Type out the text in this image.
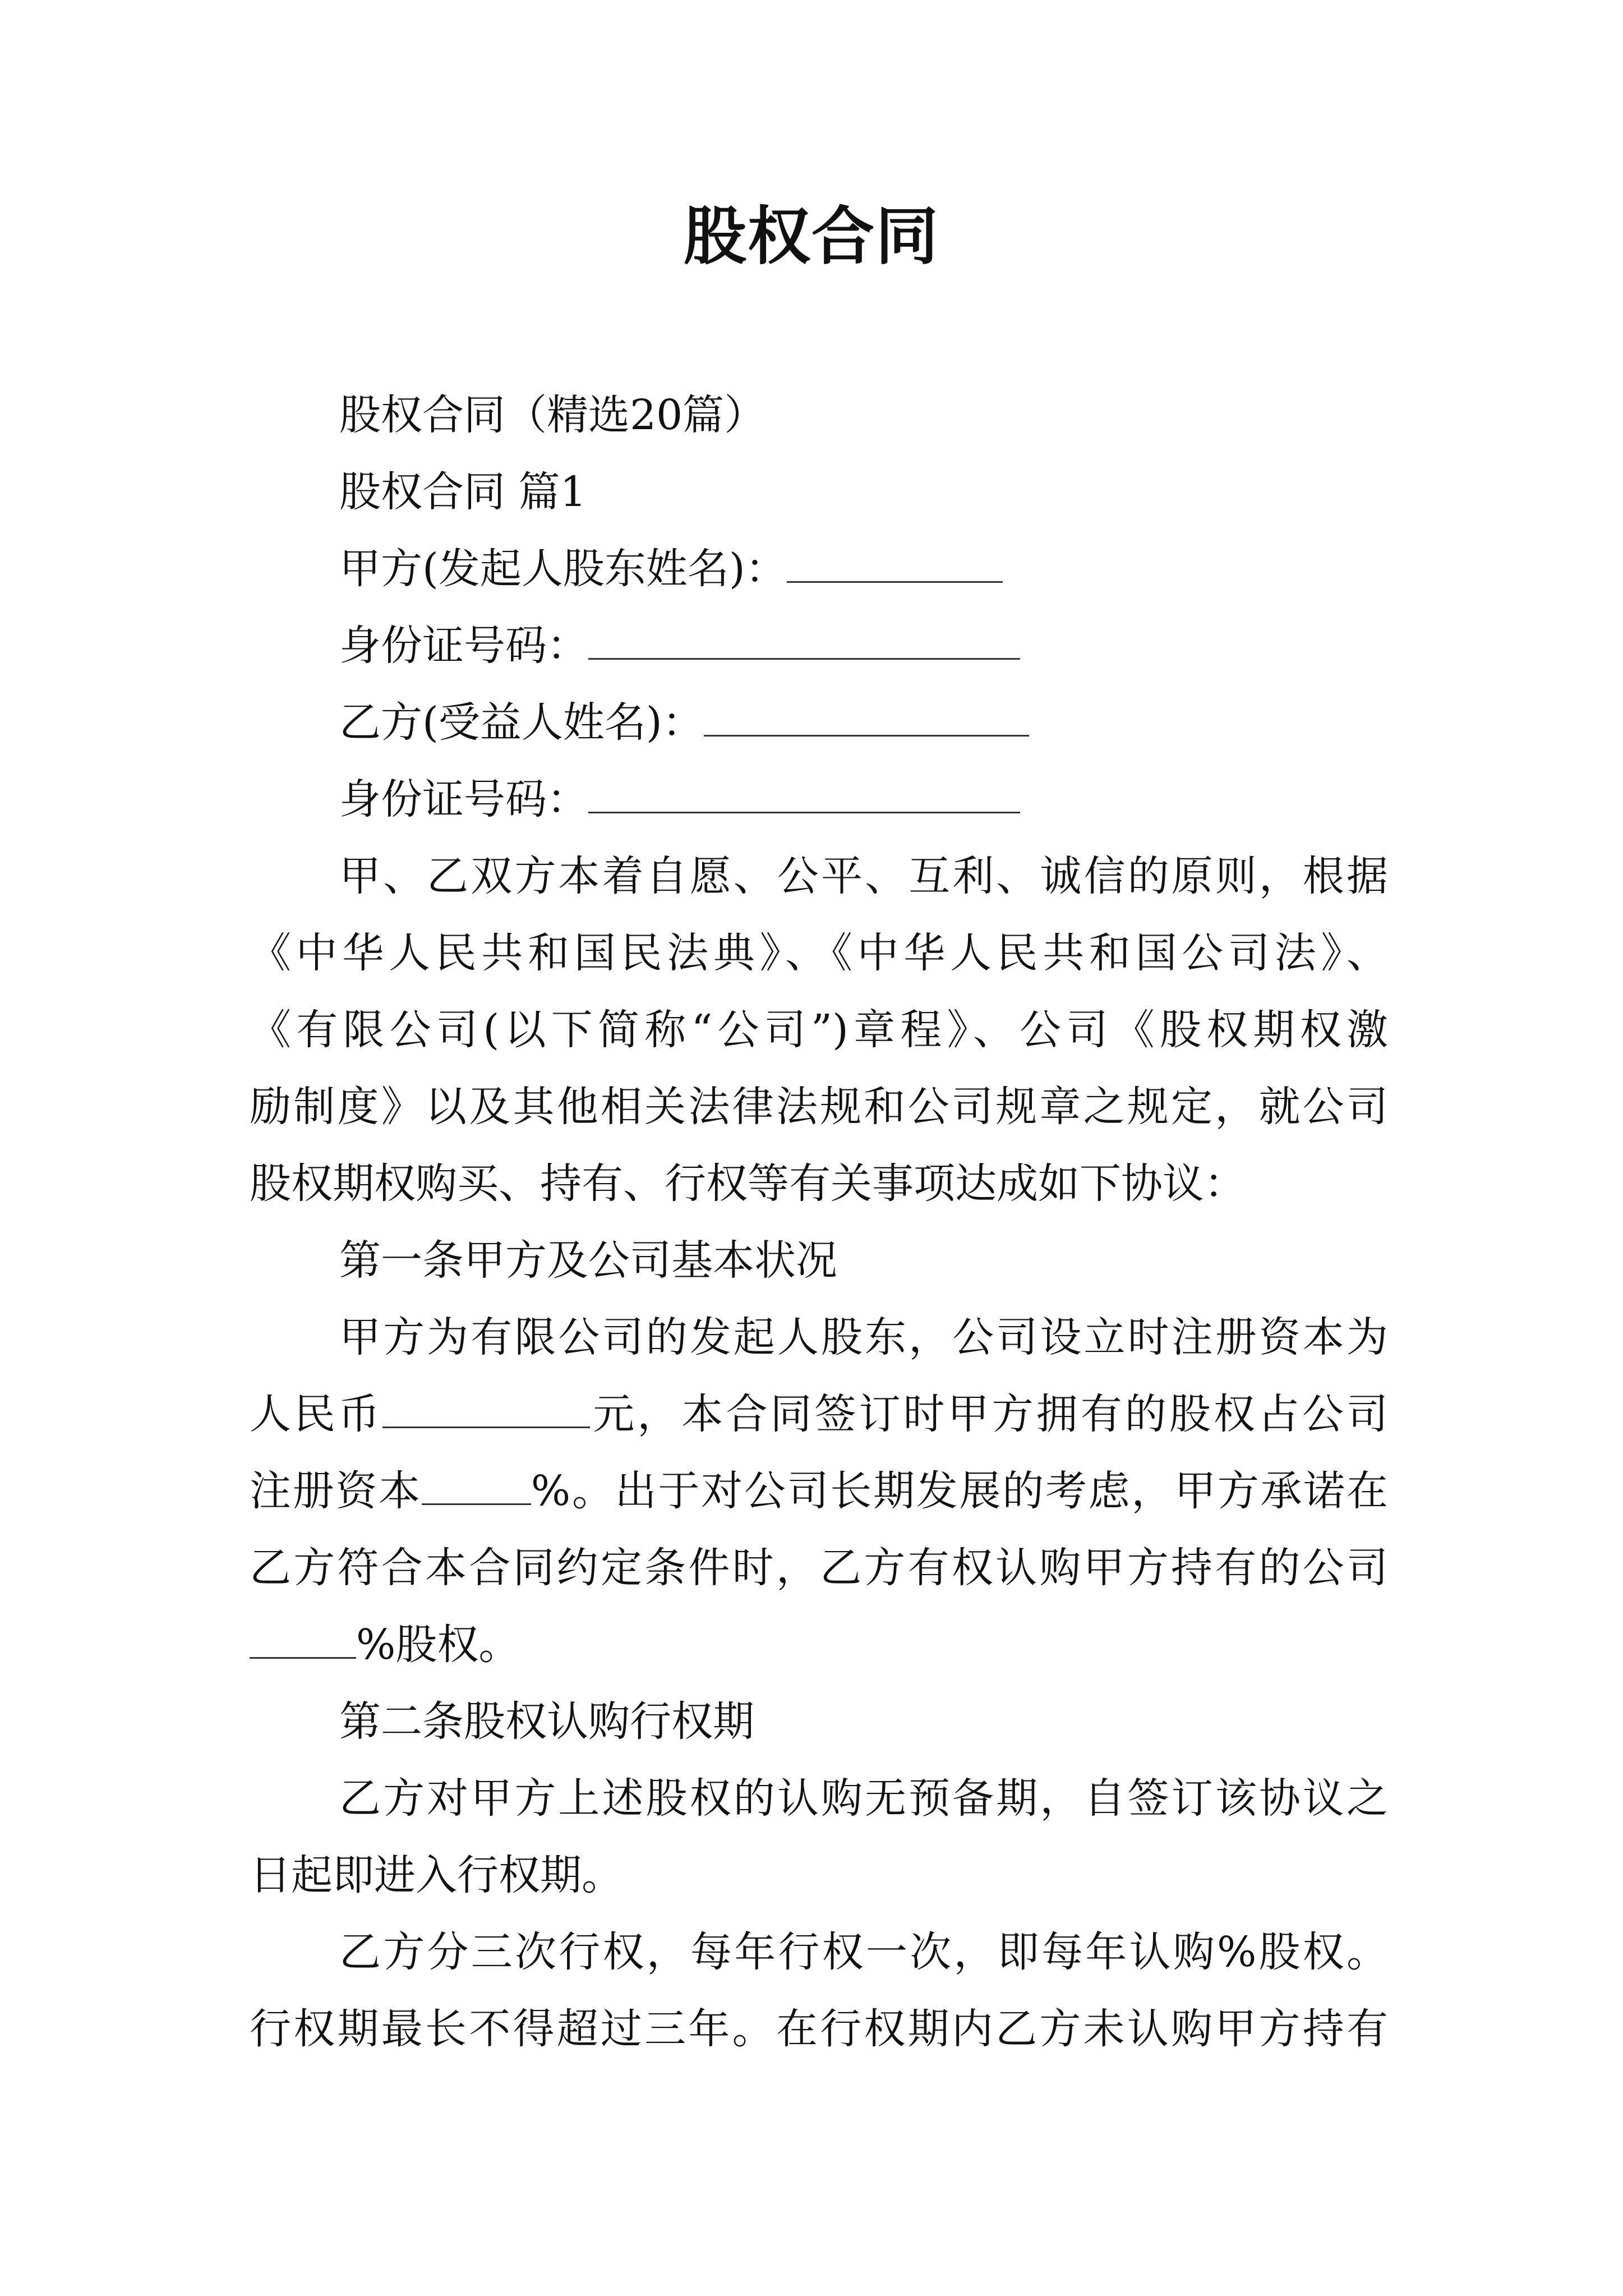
股权合同

股权合同（精选20篇）

股权合同 篇1

甲方(发起人股东姓名)：

身份证号码：

乙方(受益人姓名)：

身份证号码：

甲、乙双方本着自愿、公平、互利、诚信的原则，根据

《中华人民共和国民法典》、《中华人民共和国公司法》、

《有限公司(以下简称“公司”)章程》、公司《股权期权激

励制度》以及其他相关法律法规和公司规章之规定，就公司

股权期权购买、持有、行权等有关事项达成如下协议：

第一条甲方及公司基本状况

甲方为有限公司的发起人股东，公司设立时注册资本为

人民币	元，本合同签订时甲方拥有的股权占公司

注册资本	%。出于对公司长期发展的考虑，甲方承诺在

乙方符合本合同约定条件时，乙方有权认购甲方持有的公司

%股权。

第二条股权认购行权期

乙方对甲方上述股权的认购无预备期，自签订该协议之

日起即进入行权期。

乙方分三次行权，每年行权一次，即每年认购%股权。

行权期最长不得超过三年。在行权期内乙方未认购甲方持有
